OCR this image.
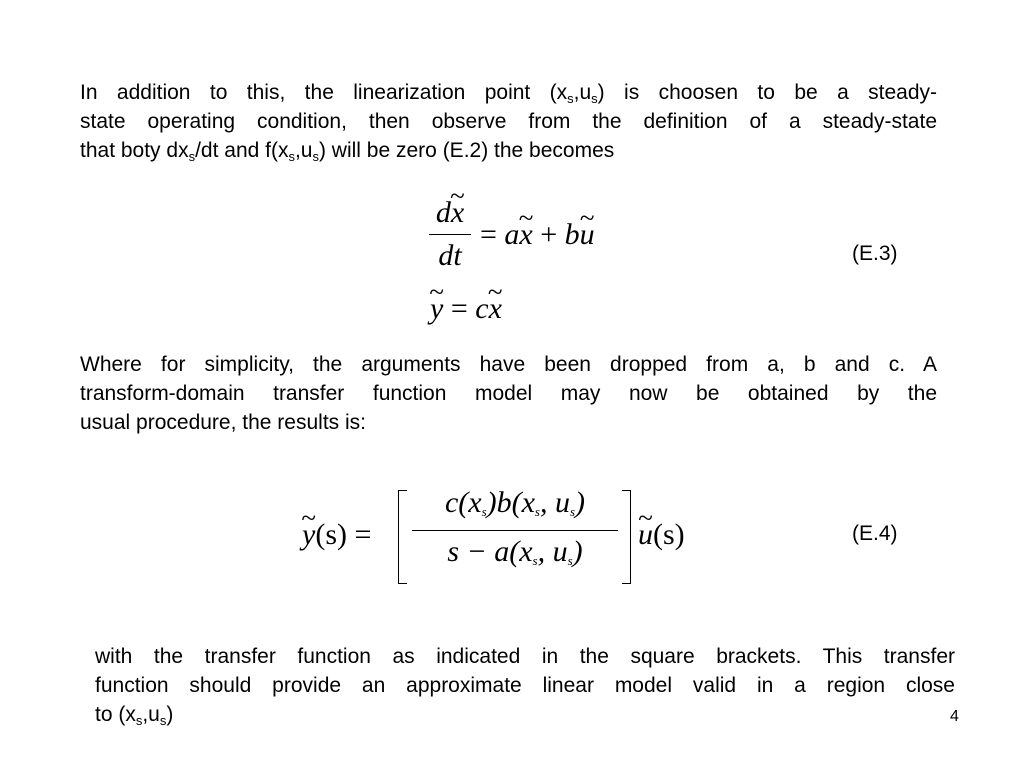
In addition to this, the linearization point $(x_s,u_s)$ is choosen to be a steady-
state operating condition, then observe from the definition of a steady-state
that boty $dx_s/dt$ and $f(x_s,u_s)$ will be zero (E.2) the becomes
d~ x
dt
= a~ x + b~ u
~ y = c~ x
(E.3)
Where for simplicity, the arguments have been dropped from a, b and c. A
transform-domain transfer function model may now be obtained by the
usual procedure, the results is:
~ y(s) =
$c(x_s)b(x_s$, $u_s$)
$s - a(x_s$, $u_s$)
~ u(s)	(E.4)
with the transfer function as indicated in the square brackets. This transfer
function should provide an approximate linear model valid in a region close
to $(x_s,u_s)$	4
